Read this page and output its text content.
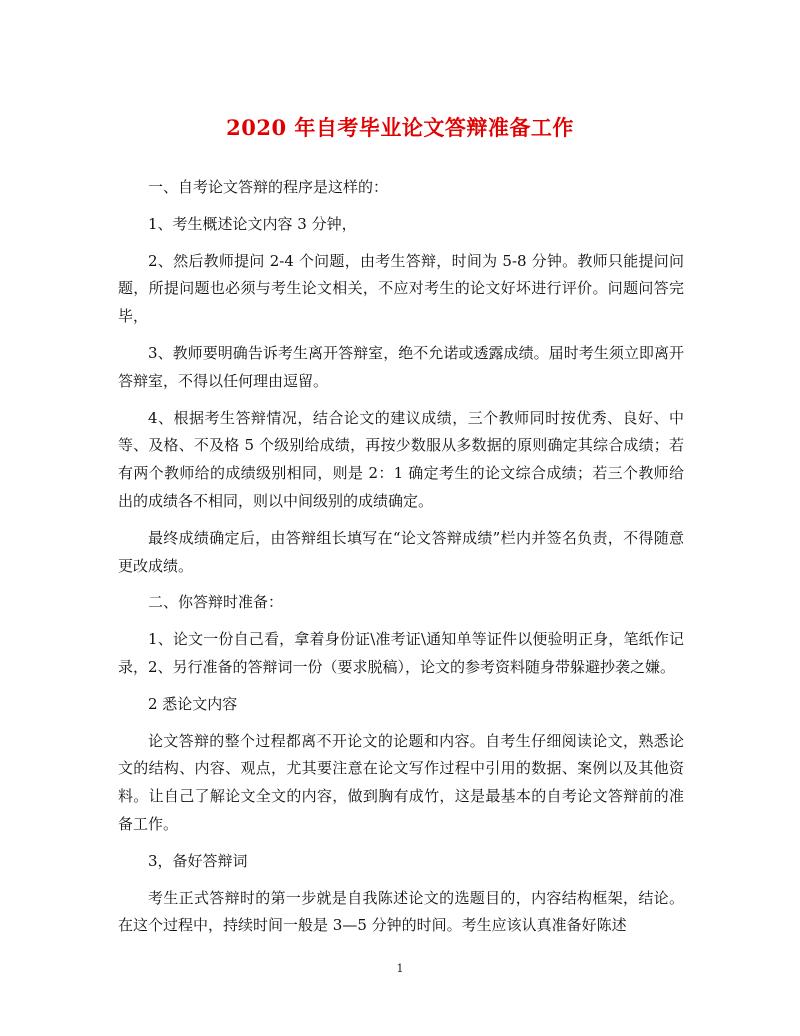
2020 年自考毕业论文答辩准备工作

一、自考论文答辩的程序是这样的：

1、考生概述论文内容 3 分钟，

2、然后教师提问 2-4 个问题，由考生答辩，时间为 5-8 分钟。教师只能提问问题，所提问题也必须与考生论文相关，不应对考生的论文好坏进行评价。问题问答完毕，

3、教师要明确告诉考生离开答辩室，绝不允诺或透露成绩。届时考生须立即离开答辩室，不得以任何理由逗留。

4、根据考生答辩情况，结合论文的建议成绩，三个教师同时按优秀、良好、中等、及格、不及格 5 个级别给成绩，再按少数服从多数据的原则确定其综合成绩；若有两个教师给的成绩级别相同，则是 2：1 确定考生的论文综合成绩；若三个教师给出的成绩各不相同，则以中间级别的成绩确定。

最终成绩确定后，由答辩组长填写在“论文答辩成绩”栏内并签名负责，不得随意更改成绩。

二、你答辩时准备：

1、论文一份自己看，拿着身份证\准考证\通知单等证件以便验明正身，笔纸作记录，2、另行准备的答辩词一份（要求脱稿），论文的参考资料随身带躲避抄袭之嫌。

2 悉论文内容

论文答辩的整个过程都离不开论文的论题和内容。自考生仔细阅读论文，熟悉论文的结构、内容、观点，尤其要注意在论文写作过程中引用的数据、案例以及其他资料。让自己了解论文全文的内容，做到胸有成竹，这是最基本的自考论文答辩前的准备工作。

3，备好答辩词

考生正式答辩时的第一步就是自我陈述论文的选题目的，内容结构框架，结论。在这个过程中，持续时间一般是 3—5 分钟的时间。考生应该认真准备好陈述

1
